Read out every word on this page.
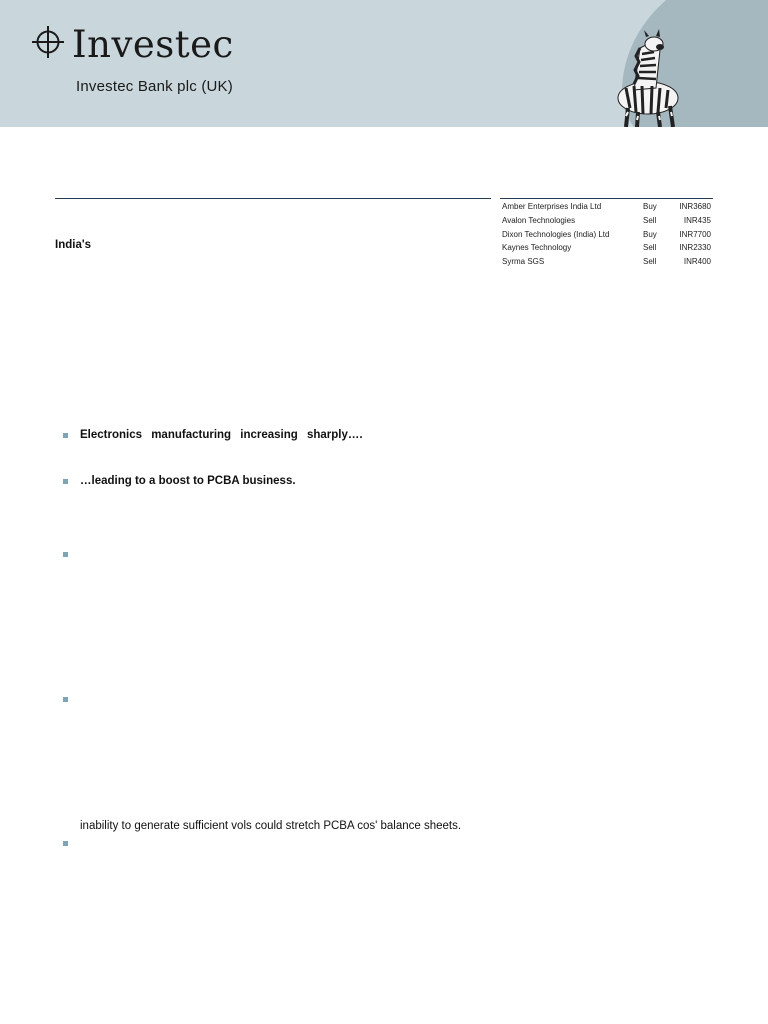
Investec
Investec Bank plc (UK)
India's
Amber Enterprises India Ltd	Buy	INR3680
Avalon Technologies	Sell	INR435
Dixon Technologies (India) Ltd	Buy	INR7700
Kaynes Technology	Sell	INR2330
Syrma SGS	Sell	INR400
Electronics manufacturing increasing sharply….
…leading to a boost to PCBA business.
inability to generate sufficient vols could stretch PCBA cos' balance sheets.
